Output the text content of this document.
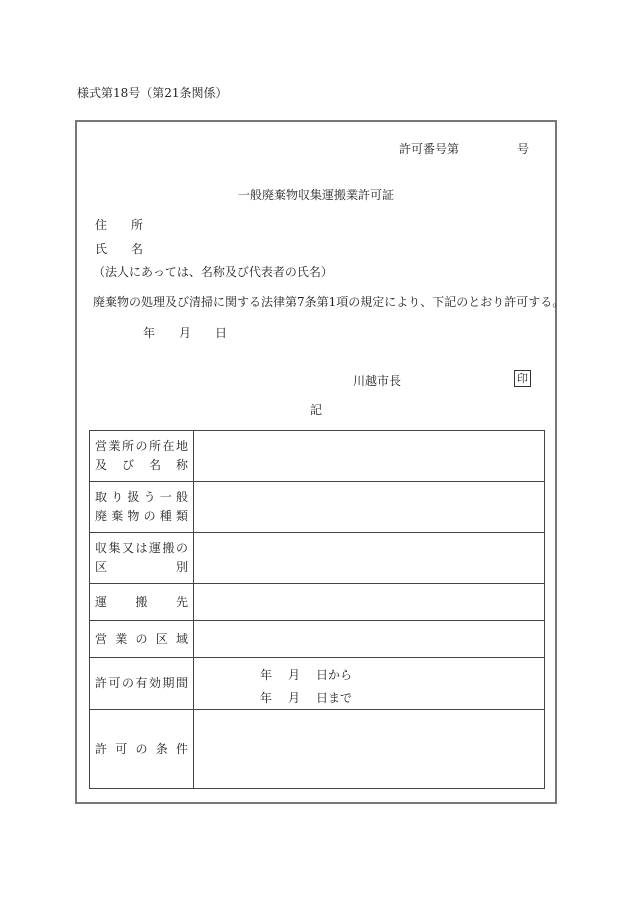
様式第18号（第21条関係）
許可番号第	号
一般廃棄物収集運搬業許可証
住　　所
氏　　名
（法人にあっては、名称及び代表者の氏名）
廃棄物の処理及び清掃に関する法律第7条第1項の規定により、下記のとおり許可する。
年 月 日
川越市長	印
記
営業所の所在地
及び名称	

取り扱う一般
廃棄物の種類	

収集又は運搬の
区別	

運搬先	

営業の区域	

許可の有効期間	年 月 日から
年 月 日まで

許可の条件	
